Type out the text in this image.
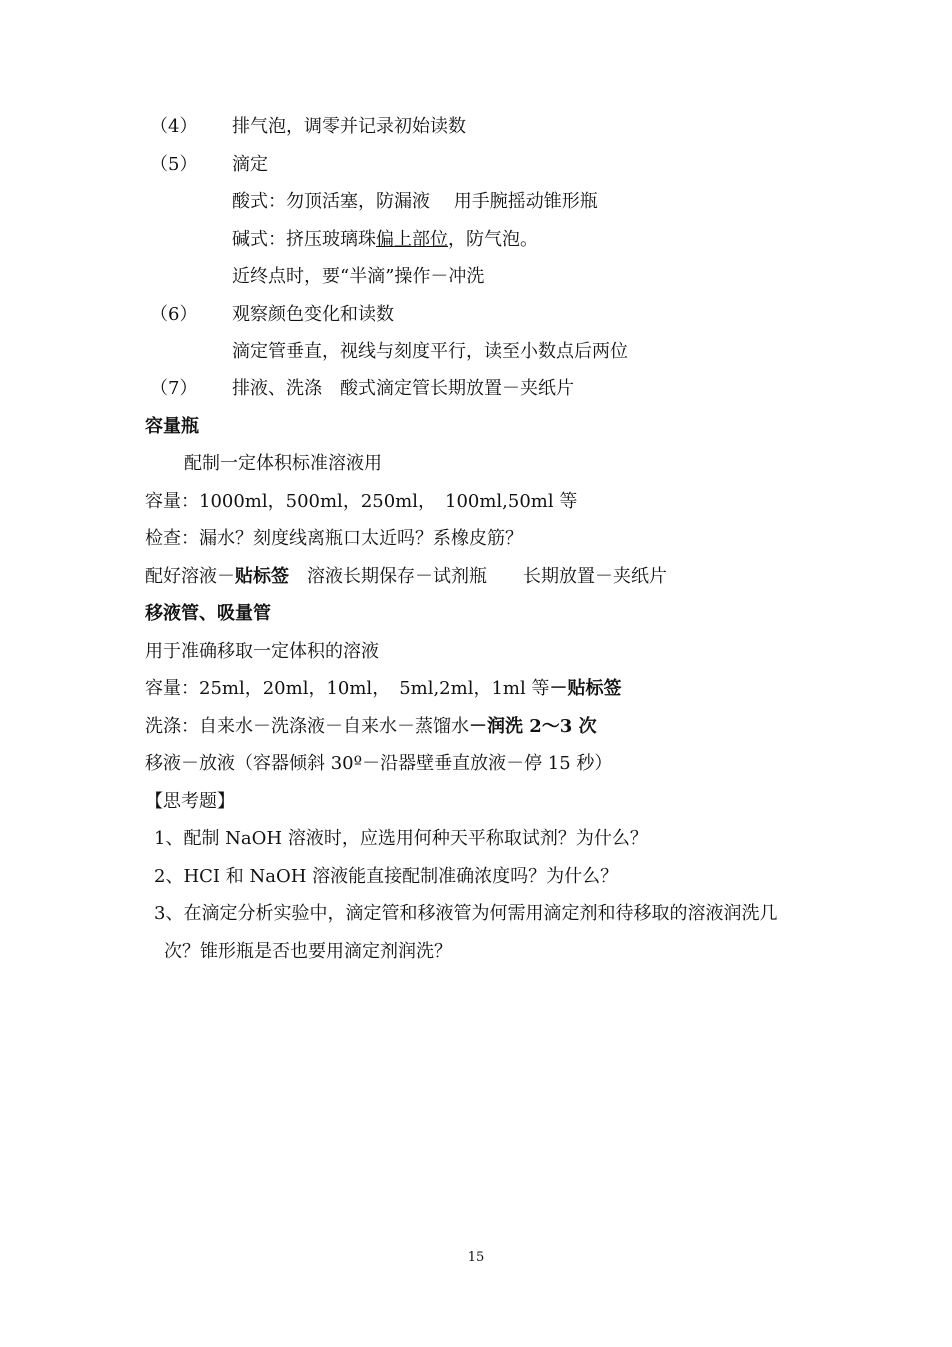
（4） 排气泡，调零并记录初始读数
（5） 滴定
酸式：勿顶活塞，防漏液　 用手腕摇动锥形瓶
碱式：挤压玻璃珠偏上部位，防气泡。
近终点时，要“半滴”操作－冲洗
（6） 观察颜色变化和读数
滴定管垂直，视线与刻度平行，读至小数点后两位
（7） 排液、洗涤　酸式滴定管长期放置－夹纸片
容量瓶
配制一定体积标准溶液用
容量：1000ml，500ml，250ml，　100ml,50ml 等
检查：漏水？刻度线离瓶口太近吗？系橡皮筋？
配好溶液－贴标签　溶液长期保存－试剂瓶　　长期放置－夹纸片
移液管、吸量管
用于准确移取一定体积的溶液
容量：25ml，20ml，10ml，　5ml,2ml，1ml 等－贴标签
洗涤：自来水－洗涤液－自来水－蒸馏水－润洗 2～3 次
移液－放液（容器倾斜 30º－沿器壁垂直放液－停 15 秒）
【思考题】
1、配制 NaOH 溶液时，应选用何种天平称取试剂？为什么？
2、HCI 和 NaOH 溶液能直接配制准确浓度吗？为什么？
3、在滴定分析实验中，滴定管和移液管为何需用滴定剂和待移取的溶液润洗几
次？锥形瓶是否也要用滴定剂润洗？
15
